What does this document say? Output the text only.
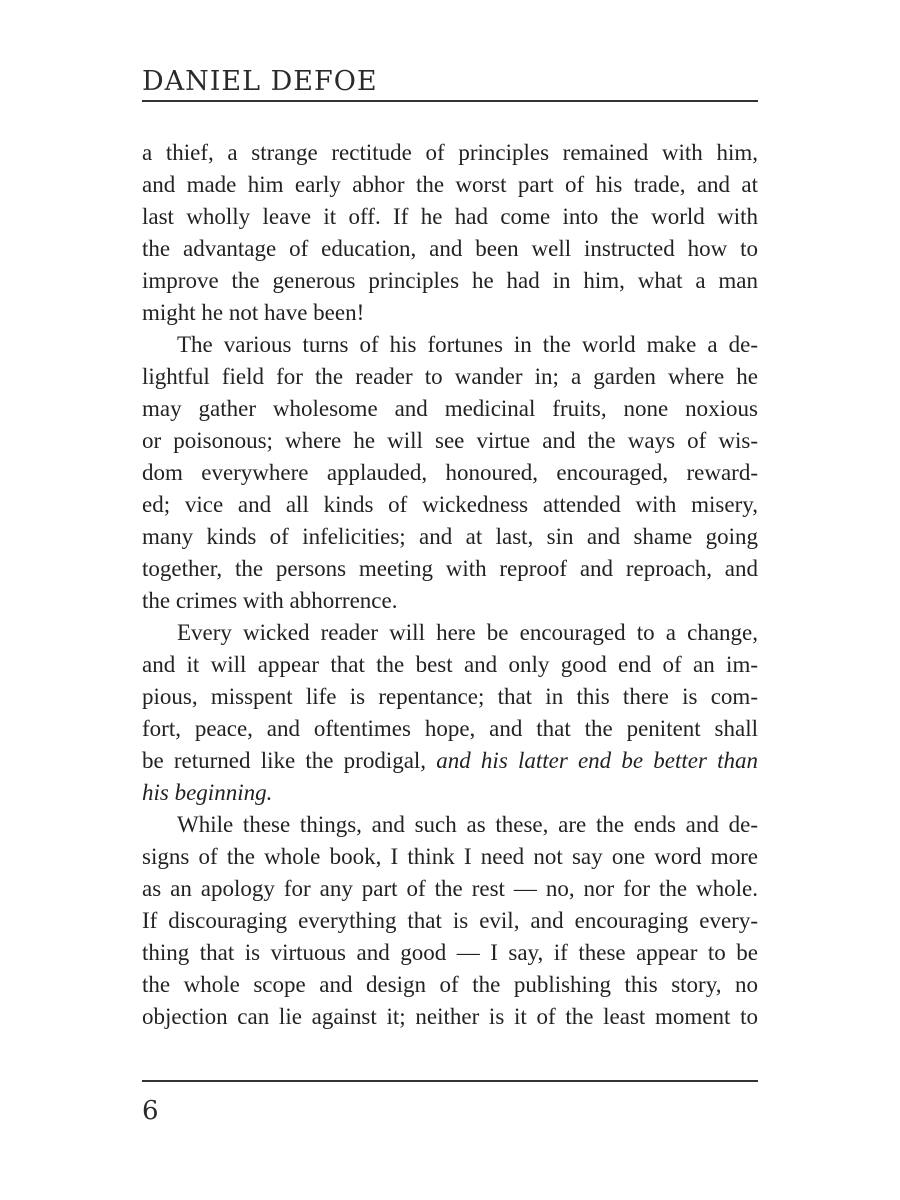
DANIEL DEFOE
a thief, a strange rectitude of principles remained with him,
and made him early abhor the worst part of his trade, and at
last wholly leave it off. If he had come into the world with
the advantage of education, and been well instructed how to
improve the generous principles he had in him, what a man
might he not have been!
The various turns of his fortunes in the world make a de-
lightful field for the reader to wander in; a garden where he
may gather wholesome and medicinal fruits, none noxious
or poisonous; where he will see virtue and the ways of wis-
dom everywhere applauded, honoured, encouraged, reward-
ed; vice and all kinds of wickedness attended with misery,
many kinds of infelicities; and at last, sin and shame going
together, the persons meeting with reproof and reproach, and
the crimes with abhorrence.
Every wicked reader will here be encouraged to a change,
and it will appear that the best and only good end of an im-
pious, misspent life is repentance; that in this there is com-
fort, peace, and oftentimes hope, and that the penitent shall
be returned like the prodigal, and his latter end be better than
his beginning.
While these things, and such as these, are the ends and de-
signs of the whole book, I think I need not say one word more
as an apology for any part of the rest — no, nor for the whole.
If discouraging everything that is evil, and encouraging every-
thing that is virtuous and good — I say, if these appear to be
the whole scope and design of the publishing this story, no
objection can lie against it; neither is it of the least moment to
6
